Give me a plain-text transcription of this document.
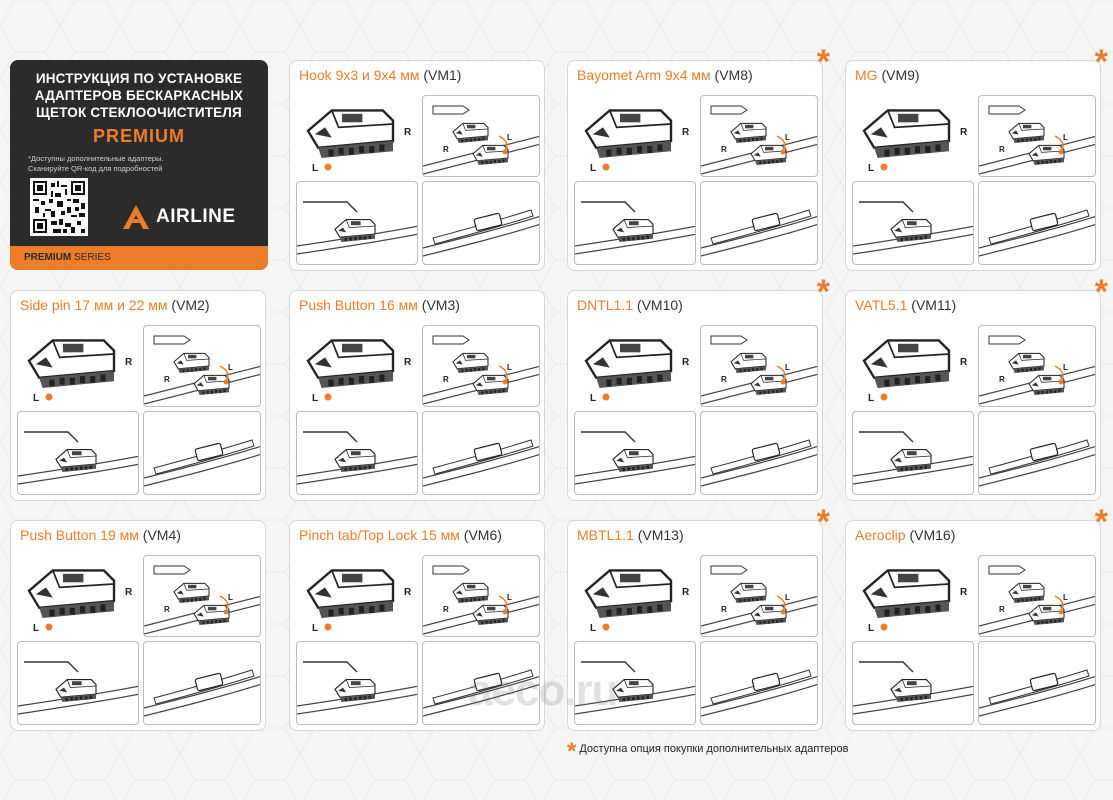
ИНСТРУКЦИЯ ПО УСТАНОВКЕ
АДАПТЕРОВ БЕСКАРКАСНЫХ
ЩЕТОК СТЕКЛООЧИСТИТЕЛЯ
PREMIUM
*Доступны дополнительные адаптеры.
Сканируйте QR-код для подробностей
AIRLINE
PREMIUM SERIES
Hook 9x3 и 9x4 мм (VM1)
R
L
R
L
Bayomet Arm 9x4 мм (VM8) *
R
L
R
L
MG (VM9)	*
R
L
R
L
Side pin 17 мм и 22 мм (VM2)
R
L
R
L
Push Button 16 мм (VM3)
R
L
R
L
DNTL1.1 (VM10)	*
R
L
R
L
VATL5.1 (VM11)	*
R
L
R
L
Push Button 19 мм (VM4)
R
L
R
L
Pinch tab/Top Lock 15 мм (VM6)
R
L
R
L
MBTL1.1 (VM13)	*
R
L
R
L
Aeroclip (VM16)	*
R
L
R
L
aeco.ru
* Доступна опция покупки дополнительных адаптеров
